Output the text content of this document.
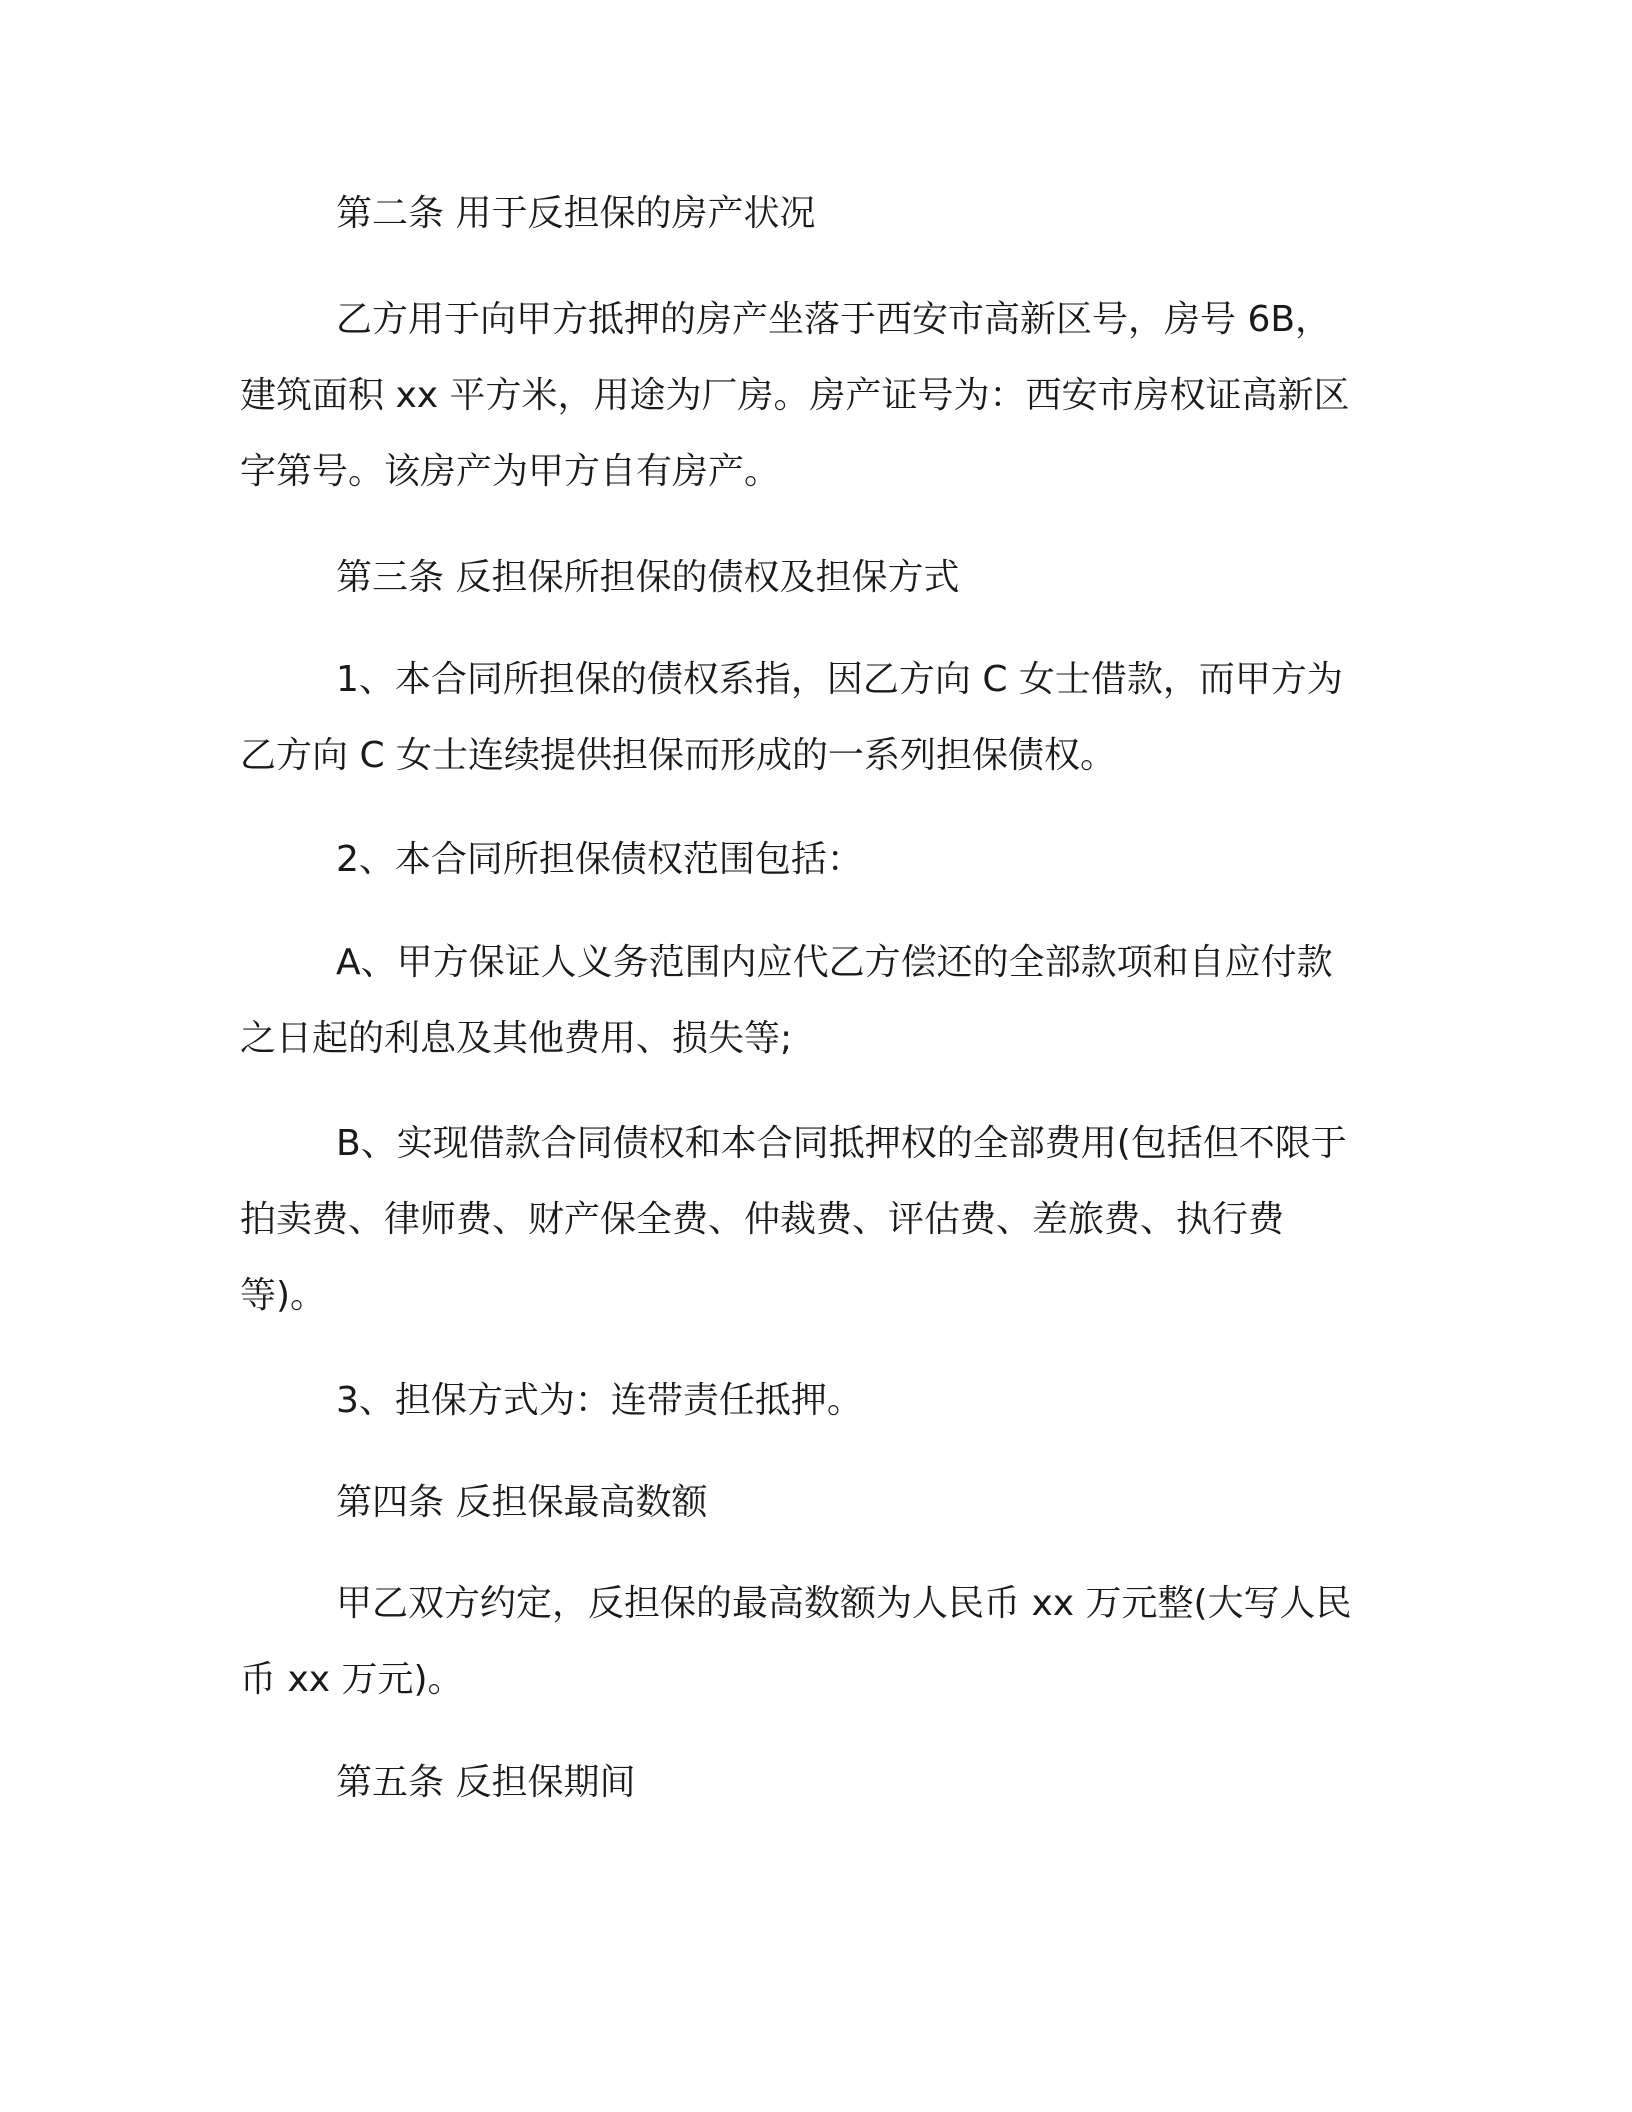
第二条 用于反担保的房产状况
乙方用于向甲方抵押的房产坐落于西安市高新区号，房号 6B，
建筑面积 xx 平方米，用途为厂房。房产证号为：西安市房权证高新区
字第号。该房产为甲方自有房产。
第三条 反担保所担保的债权及担保方式
1、本合同所担保的债权系指，因乙方向 C 女士借款，而甲方为
乙方向 C 女士连续提供担保而形成的一系列担保债权。
2、本合同所担保债权范围包括：
A、甲方保证人义务范围内应代乙方偿还的全部款项和自应付款
之日起的利息及其他费用、损失等;
B、实现借款合同债权和本合同抵押权的全部费用(包括但不限于
拍卖费、律师费、财产保全费、仲裁费、评估费、差旅费、执行费
等)。
3、担保方式为：连带责任抵押。
第四条 反担保最高数额
甲乙双方约定，反担保的最高数额为人民币 xx 万元整(大写人民
币 xx 万元)。
第五条 反担保期间
